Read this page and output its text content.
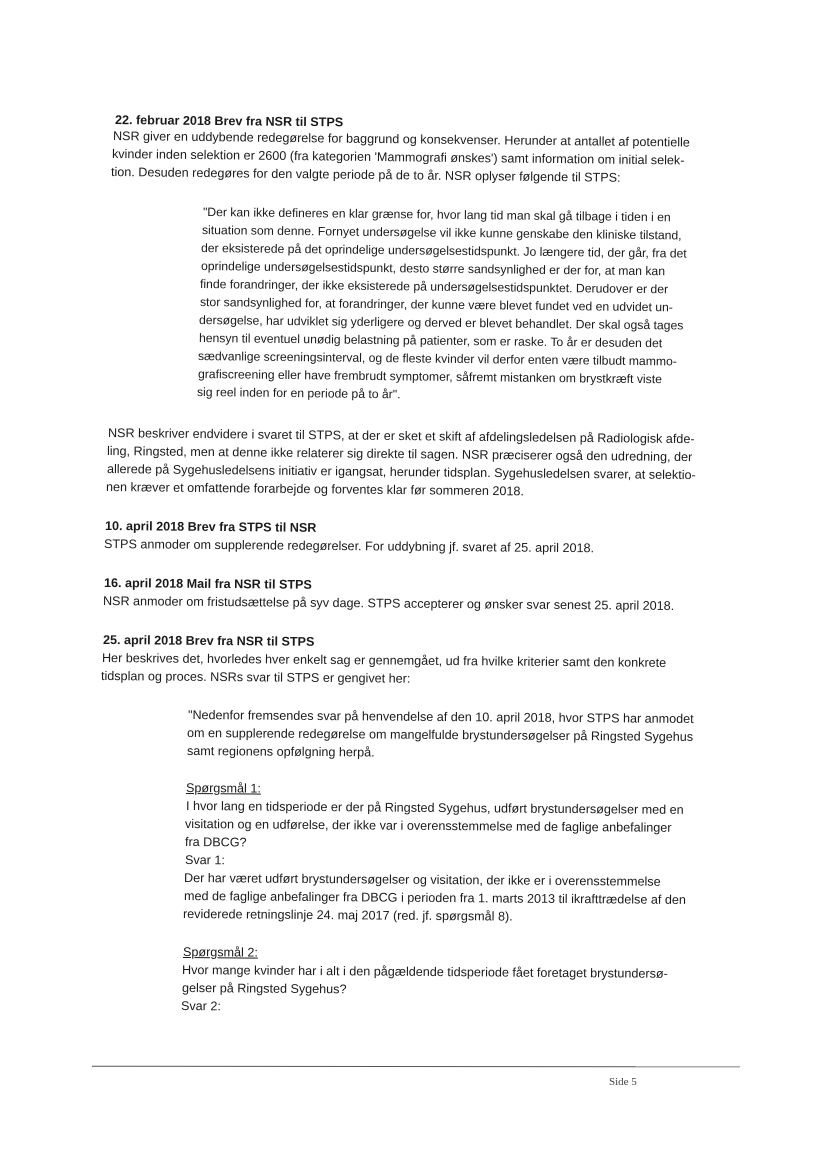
22. februar 2018 Brev fra NSR til STPS
NSR giver en uddybende redegørelse for baggrund og konsekvenser. Herunder at antallet af potentielle
kvinder inden selektion er 2600 (fra kategorien 'Mammografi ønskes') samt information om initial selek-
tion. Desuden redegøres for den valgte periode på de to år. NSR oplyser følgende til STPS:
"Der kan ikke defineres en klar grænse for, hvor lang tid man skal gå tilbage i tiden i en
situation som denne. Fornyet undersøgelse vil ikke kunne genskabe den kliniske tilstand,
der eksisterede på det oprindelige undersøgelsestidspunkt. Jo længere tid, der går, fra det
oprindelige undersøgelsestidspunkt, desto større sandsynlighed er der for, at man kan
finde forandringer, der ikke eksisterede på undersøgelsestidspunktet. Derudover er der
stor sandsynlighed for, at forandringer, der kunne være blevet fundet ved en udvidet un-
dersøgelse, har udviklet sig yderligere og derved er blevet behandlet. Der skal også tages
hensyn til eventuel unødig belastning på patienter, som er raske. To år er desuden det
sædvanlige screeningsinterval, og de fleste kvinder vil derfor enten være tilbudt mammo-
grafiscreening eller have frembrudt symptomer, såfremt mistanken om brystkræft viste
sig reel inden for en periode på to år".
NSR beskriver endvidere i svaret til STPS, at der er sket et skift af afdelingsledelsen på Radiologisk afde-
ling, Ringsted, men at denne ikke relaterer sig direkte til sagen. NSR præciserer også den udredning, der
allerede på Sygehusledelsens initiativ er igangsat, herunder tidsplan. Sygehusledelsen svarer, at selektio-
nen kræver et omfattende forarbejde og forventes klar før sommeren 2018.
10. april 2018 Brev fra STPS til NSR
STPS anmoder om supplerende redegørelser. For uddybning jf. svaret af 25. april 2018.
16. april 2018 Mail fra NSR til STPS
NSR anmoder om fristudsættelse på syv dage. STPS accepterer og ønsker svar senest 25. april 2018.
25. april 2018 Brev fra NSR til STPS
Her beskrives det, hvorledes hver enkelt sag er gennemgået, ud fra hvilke kriterier samt den konkrete
tidsplan og proces. NSRs svar til STPS er gengivet her:
"Nedenfor fremsendes svar på henvendelse af den 10. april 2018, hvor STPS har anmodet
om en supplerende redegørelse om mangelfulde brystundersøgelser på Ringsted Sygehus
samt regionens opfølgning herpå.
Spørgsmål 1:
I hvor lang en tidsperiode er der på Ringsted Sygehus, udført brystundersøgelser med en
visitation og en udførelse, der ikke var i overensstemmelse med de faglige anbefalinger
fra DBCG?
Svar 1:
Der har været udført brystundersøgelser og visitation, der ikke er i overensstemmelse
med de faglige anbefalinger fra DBCG i perioden fra 1. marts 2013 til ikrafttrædelse af den
reviderede retningslinje 24. maj 2017 (red. jf. spørgsmål 8).
Spørgsmål 2:
Hvor mange kvinder har i alt i den pågældende tidsperiode fået foretaget brystundersø-
gelser på Ringsted Sygehus?
Svar 2:
Side 5
